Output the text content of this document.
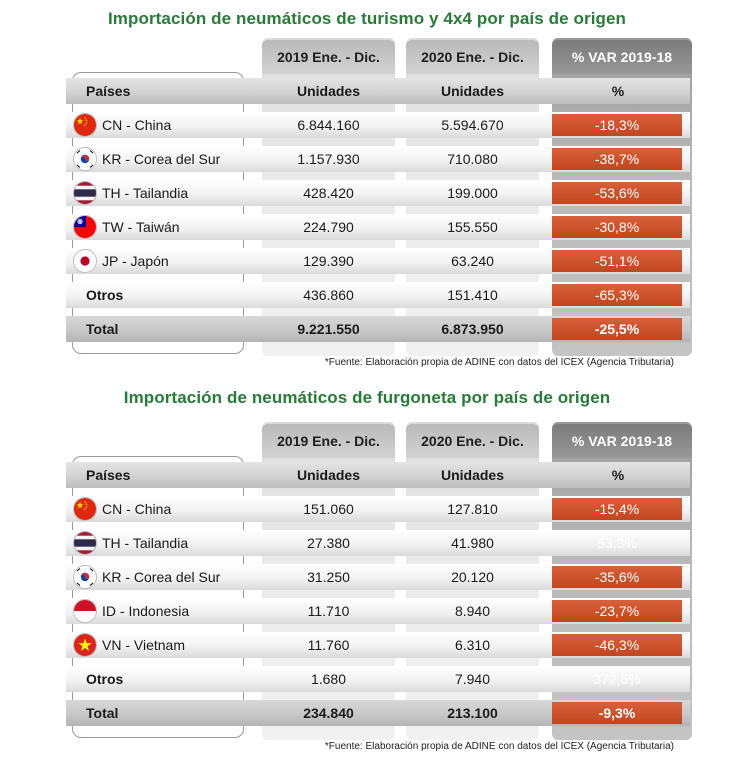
Importación de neumáticos de turismo y 4x4 por país de origen
2019 Ene. - Dic.	2020 Ene. - Dic.	% VAR 2019-18
Países	Unidades	Unidades	%
CN - China	6.844.160	5.594.670	-18,3%
KR - Corea del Sur	1.157.930	710.080	-38,7%
TH - Tailandia	428.420	199.000	-53,6%
TW - Taiwán	224.790	155.550	-30,8%
JP - Japón	129.390	63.240	-51,1%
Otros	436.860	151.410	-65,3%
Total	9.221.550	6.873.950	-25,5%
*Fuente: Elaboración propia de ADINE con datos del ICEX (Agencia Tributaria)
Importación de neumáticos de furgoneta por país de origen
2019 Ene. - Dic.	2020 Ene. - Dic.	% VAR 2019-18
Países	Unidades	Unidades	%
CN - China	151.060	127.810	-15,4%
TH - Tailandia	27.380	41.980	53,3%
KR - Corea del Sur	31.250	20.120	-35,6%
ID - Indonesia	11.710	8.940	-23,7%
VN - Vietnam	11.760	6.310	-46,3%
Otros	1.680	7.940	372,6%
Total	234.840	213.100	-9,3%
*Fuente: Elaboración propia de ADINE con datos del ICEX (Agencia Tributaria)
